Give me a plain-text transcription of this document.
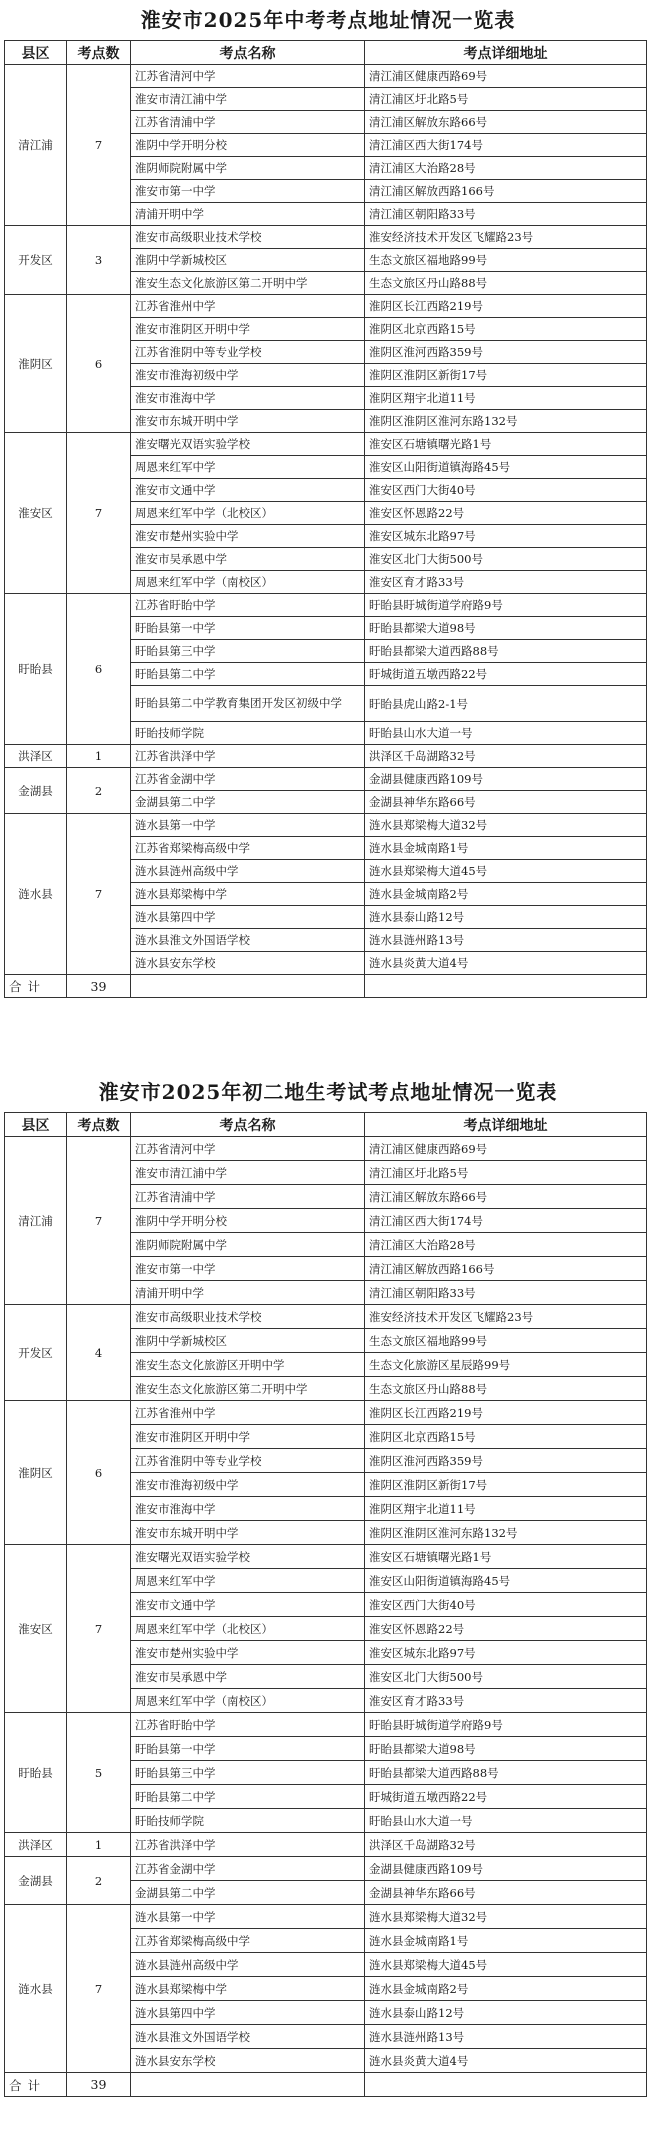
淮安市2025年中考考点地址情况一览表
县区	考点数	考点名称	考点详细地址
清江浦	7	江苏省清河中学	清江浦区健康西路69号
		淮安市清江浦中学	清江浦区圩北路5号
		江苏省清浦中学	清江浦区解放东路66号
		淮阴中学开明分校	清江浦区西大街174号
		淮阴师院附属中学	清江浦区大治路28号
		淮安市第一中学	清江浦区解放西路166号
		清浦开明中学	清江浦区朝阳路33号
开发区	3	淮安市高级职业技术学校	淮安经济技术开发区飞耀路23号
		淮阴中学新城校区	生态文旅区福地路99号
		淮安生态文化旅游区第二开明中学	生态文旅区丹山路88号
淮阴区	6	江苏省淮州中学	淮阴区长江西路219号
		淮安市淮阴区开明中学	淮阴区北京西路15号
		江苏省淮阴中等专业学校	淮阴区淮河西路359号
		淮安市淮海初级中学	淮阴区淮阴区新街17号
		淮安市淮海中学	淮阴区翔宇北道11号
		淮安市东城开明中学	淮阴区淮阴区淮河东路132号
淮安区	7	淮安曙光双语实验学校	淮安区石塘镇曙光路1号
		周恩来红军中学	淮安区山阳街道镇海路45号
		淮安市文通中学	淮安区西门大街40号
		周恩来红军中学（北校区）	淮安区怀恩路22号
		淮安市楚州实验中学	淮安区城东北路97号
		淮安市吴承恩中学	淮安区北门大街500号
		周恩来红军中学（南校区）	淮安区育才路33号
盱眙县	6	江苏省盱眙中学	盱眙县盱城街道学府路9号
		盱眙县第一中学	盱眙县都梁大道98号
		盱眙县第三中学	盱眙县都梁大道西路88号
		盱眙县第二中学	盱城街道五墩西路22号
		盱眙县第二中学教育集团开发区初级中学	盱眙县虎山路2-1号
		盱眙技师学院	盱眙县山水大道一号
洪泽区	1	江苏省洪泽中学	洪泽区千岛湖路32号
金湖县	2	江苏省金湖中学	金湖县健康西路109号
		金湖县第二中学	金湖县神华东路66号
涟水县	7	涟水县第一中学	涟水县郑梁梅大道32号
		江苏省郑梁梅高级中学	涟水县金城南路1号
		涟水县涟州高级中学	涟水县郑梁梅大道45号
		涟水县郑梁梅中学	涟水县金城南路2号
		涟水县第四中学	涟水县泰山路12号
		涟水县淮文外国语学校	涟水县涟州路13号
		涟水县安东学校	涟水县炎黄大道4号
合计	39		
淮安市2025年初二地生考试考点地址情况一览表
县区	考点数	考点名称	考点详细地址
清江浦	7	江苏省清河中学	清江浦区健康西路69号
		淮安市清江浦中学	清江浦区圩北路5号
		江苏省清浦中学	清江浦区解放东路66号
		淮阴中学开明分校	清江浦区西大街174号
		淮阴师院附属中学	清江浦区大治路28号
		淮安市第一中学	清江浦区解放西路166号
		清浦开明中学	清江浦区朝阳路33号
开发区	4	淮安市高级职业技术学校	淮安经济技术开发区飞耀路23号
		淮阴中学新城校区	生态文旅区福地路99号
		淮安生态文化旅游区开明中学	生态文化旅游区星辰路99号
		淮安生态文化旅游区第二开明中学	生态文旅区丹山路88号
淮阴区	6	江苏省淮州中学	淮阴区长江西路219号
		淮安市淮阴区开明中学	淮阴区北京西路15号
		江苏省淮阴中等专业学校	淮阴区淮河西路359号
		淮安市淮海初级中学	淮阴区淮阴区新街17号
		淮安市淮海中学	淮阴区翔宇北道11号
		淮安市东城开明中学	淮阴区淮阴区淮河东路132号
淮安区	7	淮安曙光双语实验学校	淮安区石塘镇曙光路1号
		周恩来红军中学	淮安区山阳街道镇海路45号
		淮安市文通中学	淮安区西门大街40号
		周恩来红军中学（北校区）	淮安区怀恩路22号
		淮安市楚州实验中学	淮安区城东北路97号
		淮安市吴承恩中学	淮安区北门大街500号
		周恩来红军中学（南校区）	淮安区育才路33号
盱眙县	5	江苏省盱眙中学	盱眙县盱城街道学府路9号
		盱眙县第一中学	盱眙县都梁大道98号
		盱眙县第三中学	盱眙县都梁大道西路88号
		盱眙县第二中学	盱城街道五墩西路22号
		盱眙技师学院	盱眙县山水大道一号
洪泽区	1	江苏省洪泽中学	洪泽区千岛湖路32号
金湖县	2	江苏省金湖中学	金湖县健康西路109号
		金湖县第二中学	金湖县神华东路66号
涟水县	7	涟水县第一中学	涟水县郑梁梅大道32号
		江苏省郑梁梅高级中学	涟水县金城南路1号
		涟水县涟州高级中学	涟水县郑梁梅大道45号
		涟水县郑梁梅中学	涟水县金城南路2号
		涟水县第四中学	涟水县泰山路12号
		涟水县淮文外国语学校	涟水县涟州路13号
		涟水县安东学校	涟水县炎黄大道4号
合计	39		
